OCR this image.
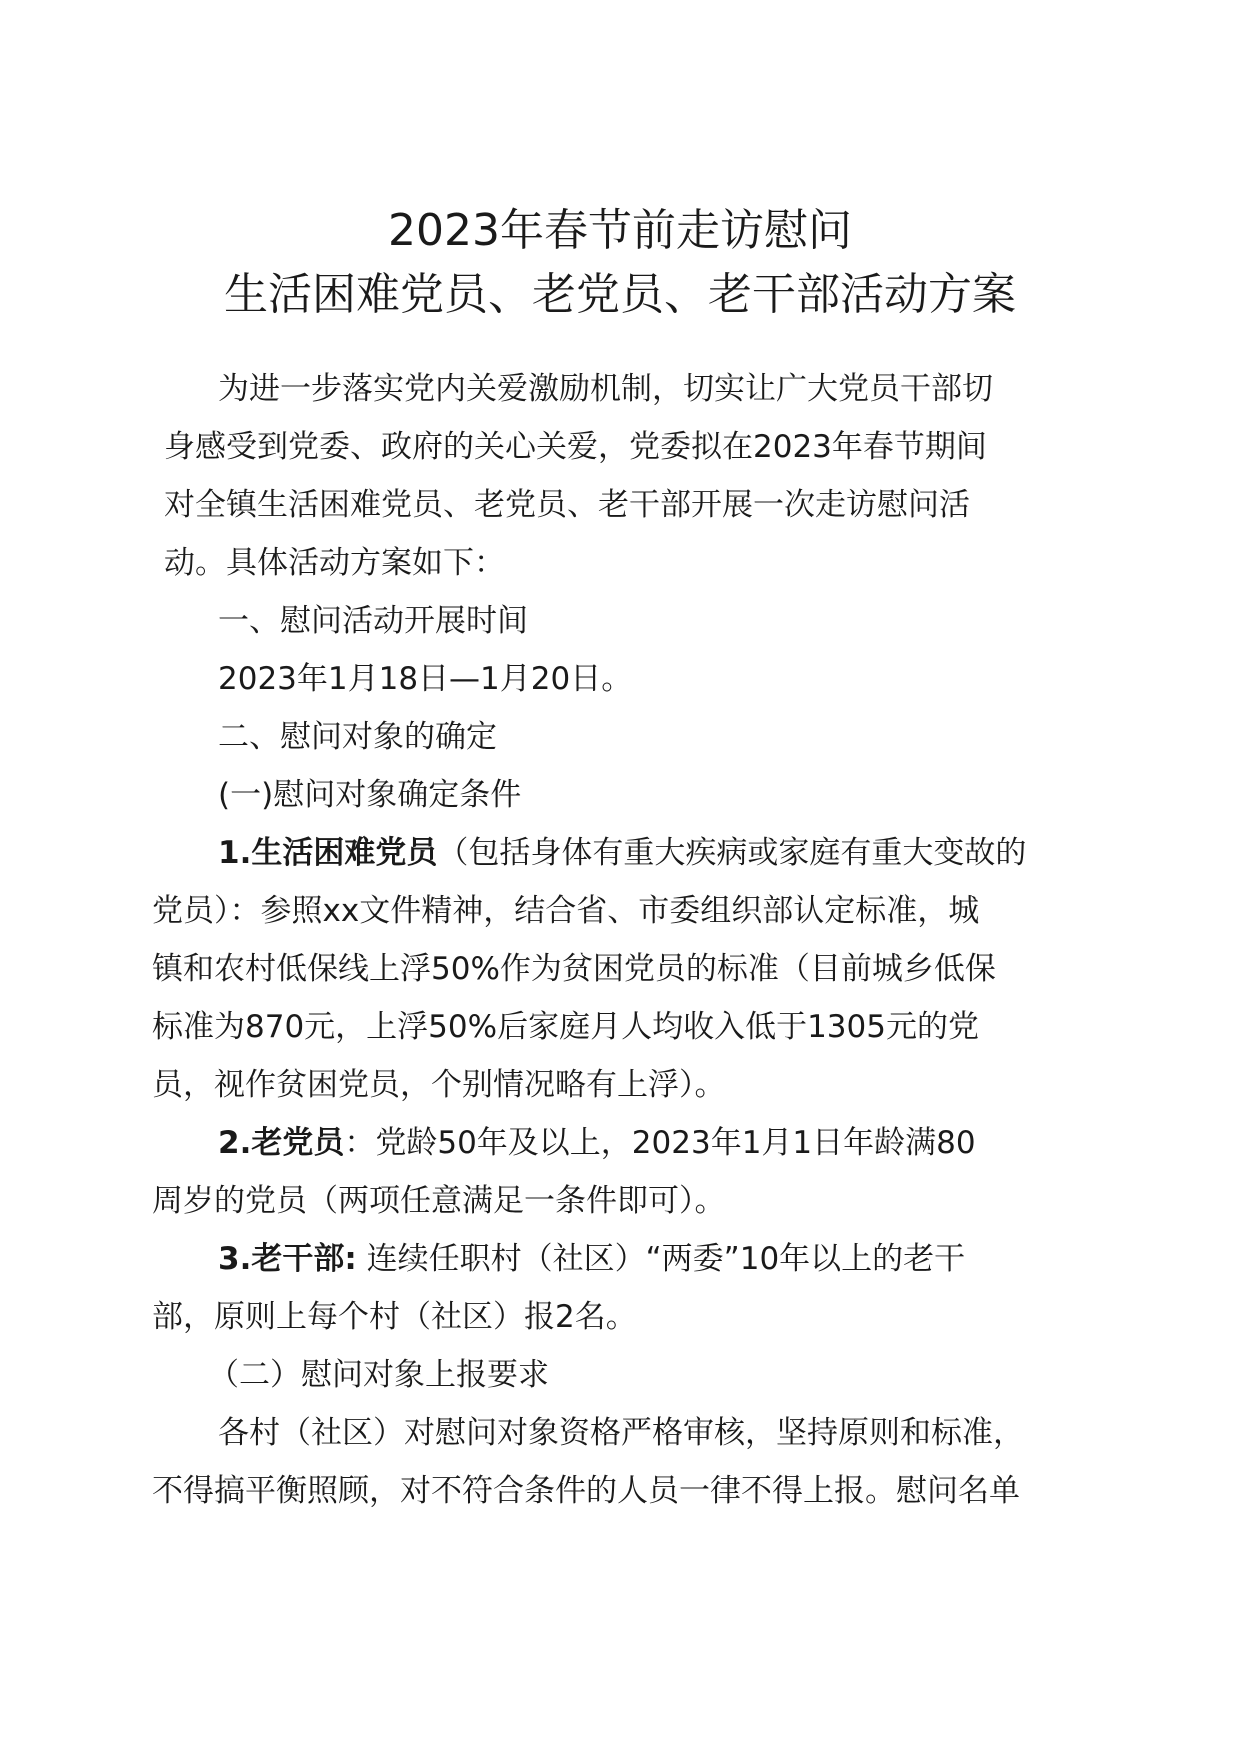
2023年春节前走访慰问
生活困难党员、老党员、老干部活动方案

为进一步落实党内关爱激励机制，切实让广大党员干部切

身感受到党委、政府的关心关爱，党委拟在2023年春节期间

对全镇生活困难党员、老党员、老干部开展一次走访慰问活

动。具体活动方案如下：

一、慰问活动开展时间

2023年1月18日—1月20日。

二、慰问对象的确定

(一)慰问对象确定条件

1.生活困难党员（包括身体有重大疾病或家庭有重大变故的

党员）：参照xx文件精神，结合省、市委组织部认定标准，城

镇和农村低保线上浮50%作为贫困党员的标准（目前城乡低保

标准为870元，上浮50%后家庭月人均收入低于1305元的党

员，视作贫困党员，个别情况略有上浮）。

2.老党员：党龄50年及以上，2023年1月1日年龄满80

周岁的党员（两项任意满足一条件即可）。

3.老干部: 连续任职村（社区）“两委”10年以上的老干

部，原则上每个村（社区）报2名。

（二）慰问对象上报要求

各村（社区）对慰问对象资格严格审核，坚持原则和标准，

不得搞平衡照顾，对不符合条件的人员一律不得上报。慰问名单
